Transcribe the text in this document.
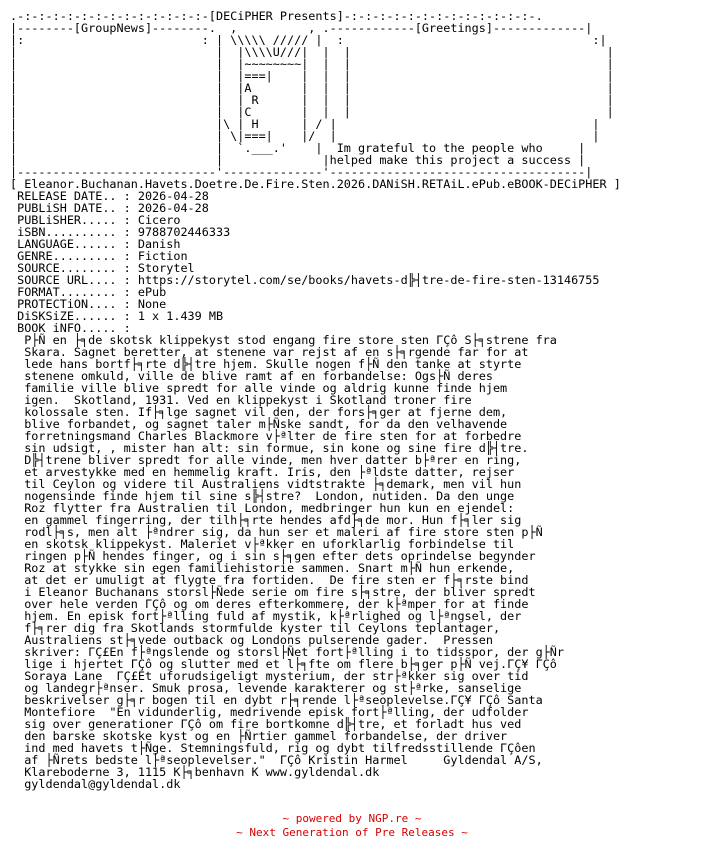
.-:-:-:-:-:-:-:-:-:-:-:-:-:-[DECiPHER Presents]-:-:-:-:-:-:-:-:-:-:-:-:-:-.
|--------[GroupNews]--------.  ,          , .------------[Greetings]-------------|
|:                         : | \\\\\ ///// |  :                                   :|
|                            |  |\\\\U///|  |  |                                    |
|                            |  |~~~~~~~~|  |  |                                    |
|                            |  |===|    |  |  |                                    |
|                            |  |A       |  |  |                                    |
|                            |  | R      |  |  |                                    |
|                            |  |C       |  |  |                                    |
|                            |\ | H      | / |                                    |
|                            | \|===|    |/  |                                    |
|                            |  `.___.'    |  Im grateful to the people who     |
|                            |              |helped make this project a success |
|----------------------------'--------------'------------------------------------|
[ Eleanor.Buchanan.Havets.Doetre.De.Fire.Sten.2026.DANiSH.RETAiL.ePub.eBOOK-DECiPHER ]
RELEASE DATE.. : 2026-04-28
PUBLiSH DATE.. : 2026-04-28
PUBLiSHER..... : Cicero
iSBN.......... : 9788702446333
LANGUAGE...... : Danish
GENRE......... : Fiction
SOURCE........ : Storytel
SOURCE URL.... : https://storytel.com/se/books/havets-d╠┤tre-de-fire-sten-13146755
FORMAT........ : ePub
PROTECTiON.... : None
DiSKSiZE...... : 1 x 1.439 MB
BOOK iNFO..... :
P├Ñ en ├╕de skotsk klippekyst stod engang fire store sten ΓÇô S├╕strene fra
Skara. Sagnet beretter, at stenene var rejst af en s├╕rgende far for at
lede hans bortf├╕rte d╠┤tre hjem. Skulle nogen f├Ñ den tanke at styrte
stenene omkuld, ville de blive ramt af en forbandelse: Ogs├Ñ deres
familie ville blive spredt for alle vinde og aldrig kunne finde hjem
igen.  Skotland, 1931. Ved en klippekyst i Skotland troner fire
kolossale sten. If├╕lge sagnet vil den, der fors├╕ger at fjerne dem,
blive forbandet, og sagnet taler m├Ñske sandt, for da den velhavende
forretningsmand Charles Blackmore v├ªlter de fire sten for at forbedre
sin udsigt, , mister han alt: sin formue, sin kone og sine fire d╠┤tre.
D╠┤trene bliver spredt for alle vinde, men hver datter b├ªrer en ring,
et arvestykke med en hemmelig kraft. Iris, den ├ªldste datter, rejser
til Ceylon og videre til Australiens vidtstrakte ├╕demark, men vil hun
nogensinde finde hjem til sine s╠┤stre?  London, nutiden. Da den unge
Roz flytter fra Australien til London, medbringer hun kun en ejendel:
en gammel fingerring, der tilh├╕rte hendes afd├╕de mor. Hun f├╕ler sig
rodl├╕s, men alt ├ªndrer sig, da hun ser et maleri af fire store sten p├Ñ
en skotsk klippekyst. Maleriet v├ªkker en uforklarlig forbindelse til
ringen p├Ñ hendes finger, og i sin s├╕gen efter dets oprindelse begynder
Roz at stykke sin egen familiehistorie sammen. Snart m├Ñ hun erkende,
at det er umuligt at flygte fra fortiden.  De fire sten er f├╕rste bind
i Eleanor Buchanans storsl├Ñede serie om fire s├╕stre, der bliver spredt
over hele verden ΓÇô og om deres efterkommere, der k├ªmper for at finde
hjem. En episk fort├ªlling fuld af mystik, k├ªrlighed og l├ªngsel, der
f├╕rer dig fra Skotlands stormfulde kyster til Ceylons teplantager,
Australiens st├╕vede outback og Londons pulserende gader.  Pressen
skriver: ΓÇ£En f├ªngslende og storsl├Ñet fort├ªlling i to tidsspor, der g├Ñr
lige i hjertet ΓÇô og slutter med et l├╕fte om flere b├╕ger p├Ñ vej.ΓÇ¥ ΓÇô
Soraya Lane  ΓÇ£Et uforudsigeligt mysterium, der str├ªkker sig over tid
og landegr├ªnser. Smuk prosa, levende karakterer og st├ªrke, sanselige
beskrivelser g├╕r bogen til en dybt r├╕rende l├ªseoplevelse.ΓÇ¥ ΓÇô Santa
Montefiore  "En vidunderlig, medrivende episk fort├ªlling, der udfolder
sig over generationer ΓÇô om fire bortkomne d╠┤tre, et forladt hus ved
den barske skotske kyst og en ├Ñrtier gammel forbandelse, der driver
ind med havets t├Ñge. Stemningsfuld, rig og dybt tilfredsstillende ΓÇôen
af ├Ñrets bedste l├ªseoplevelser."  ΓÇô Kristin Harmel     Gyldendal A/S,
Klareboderne 3, 1115 K├╕benhavn K www.gyldendal.dk
gyldendal@gyldendal.dk
~ powered by NGP.re ~
~ Next Generation of Pre Releases ~
